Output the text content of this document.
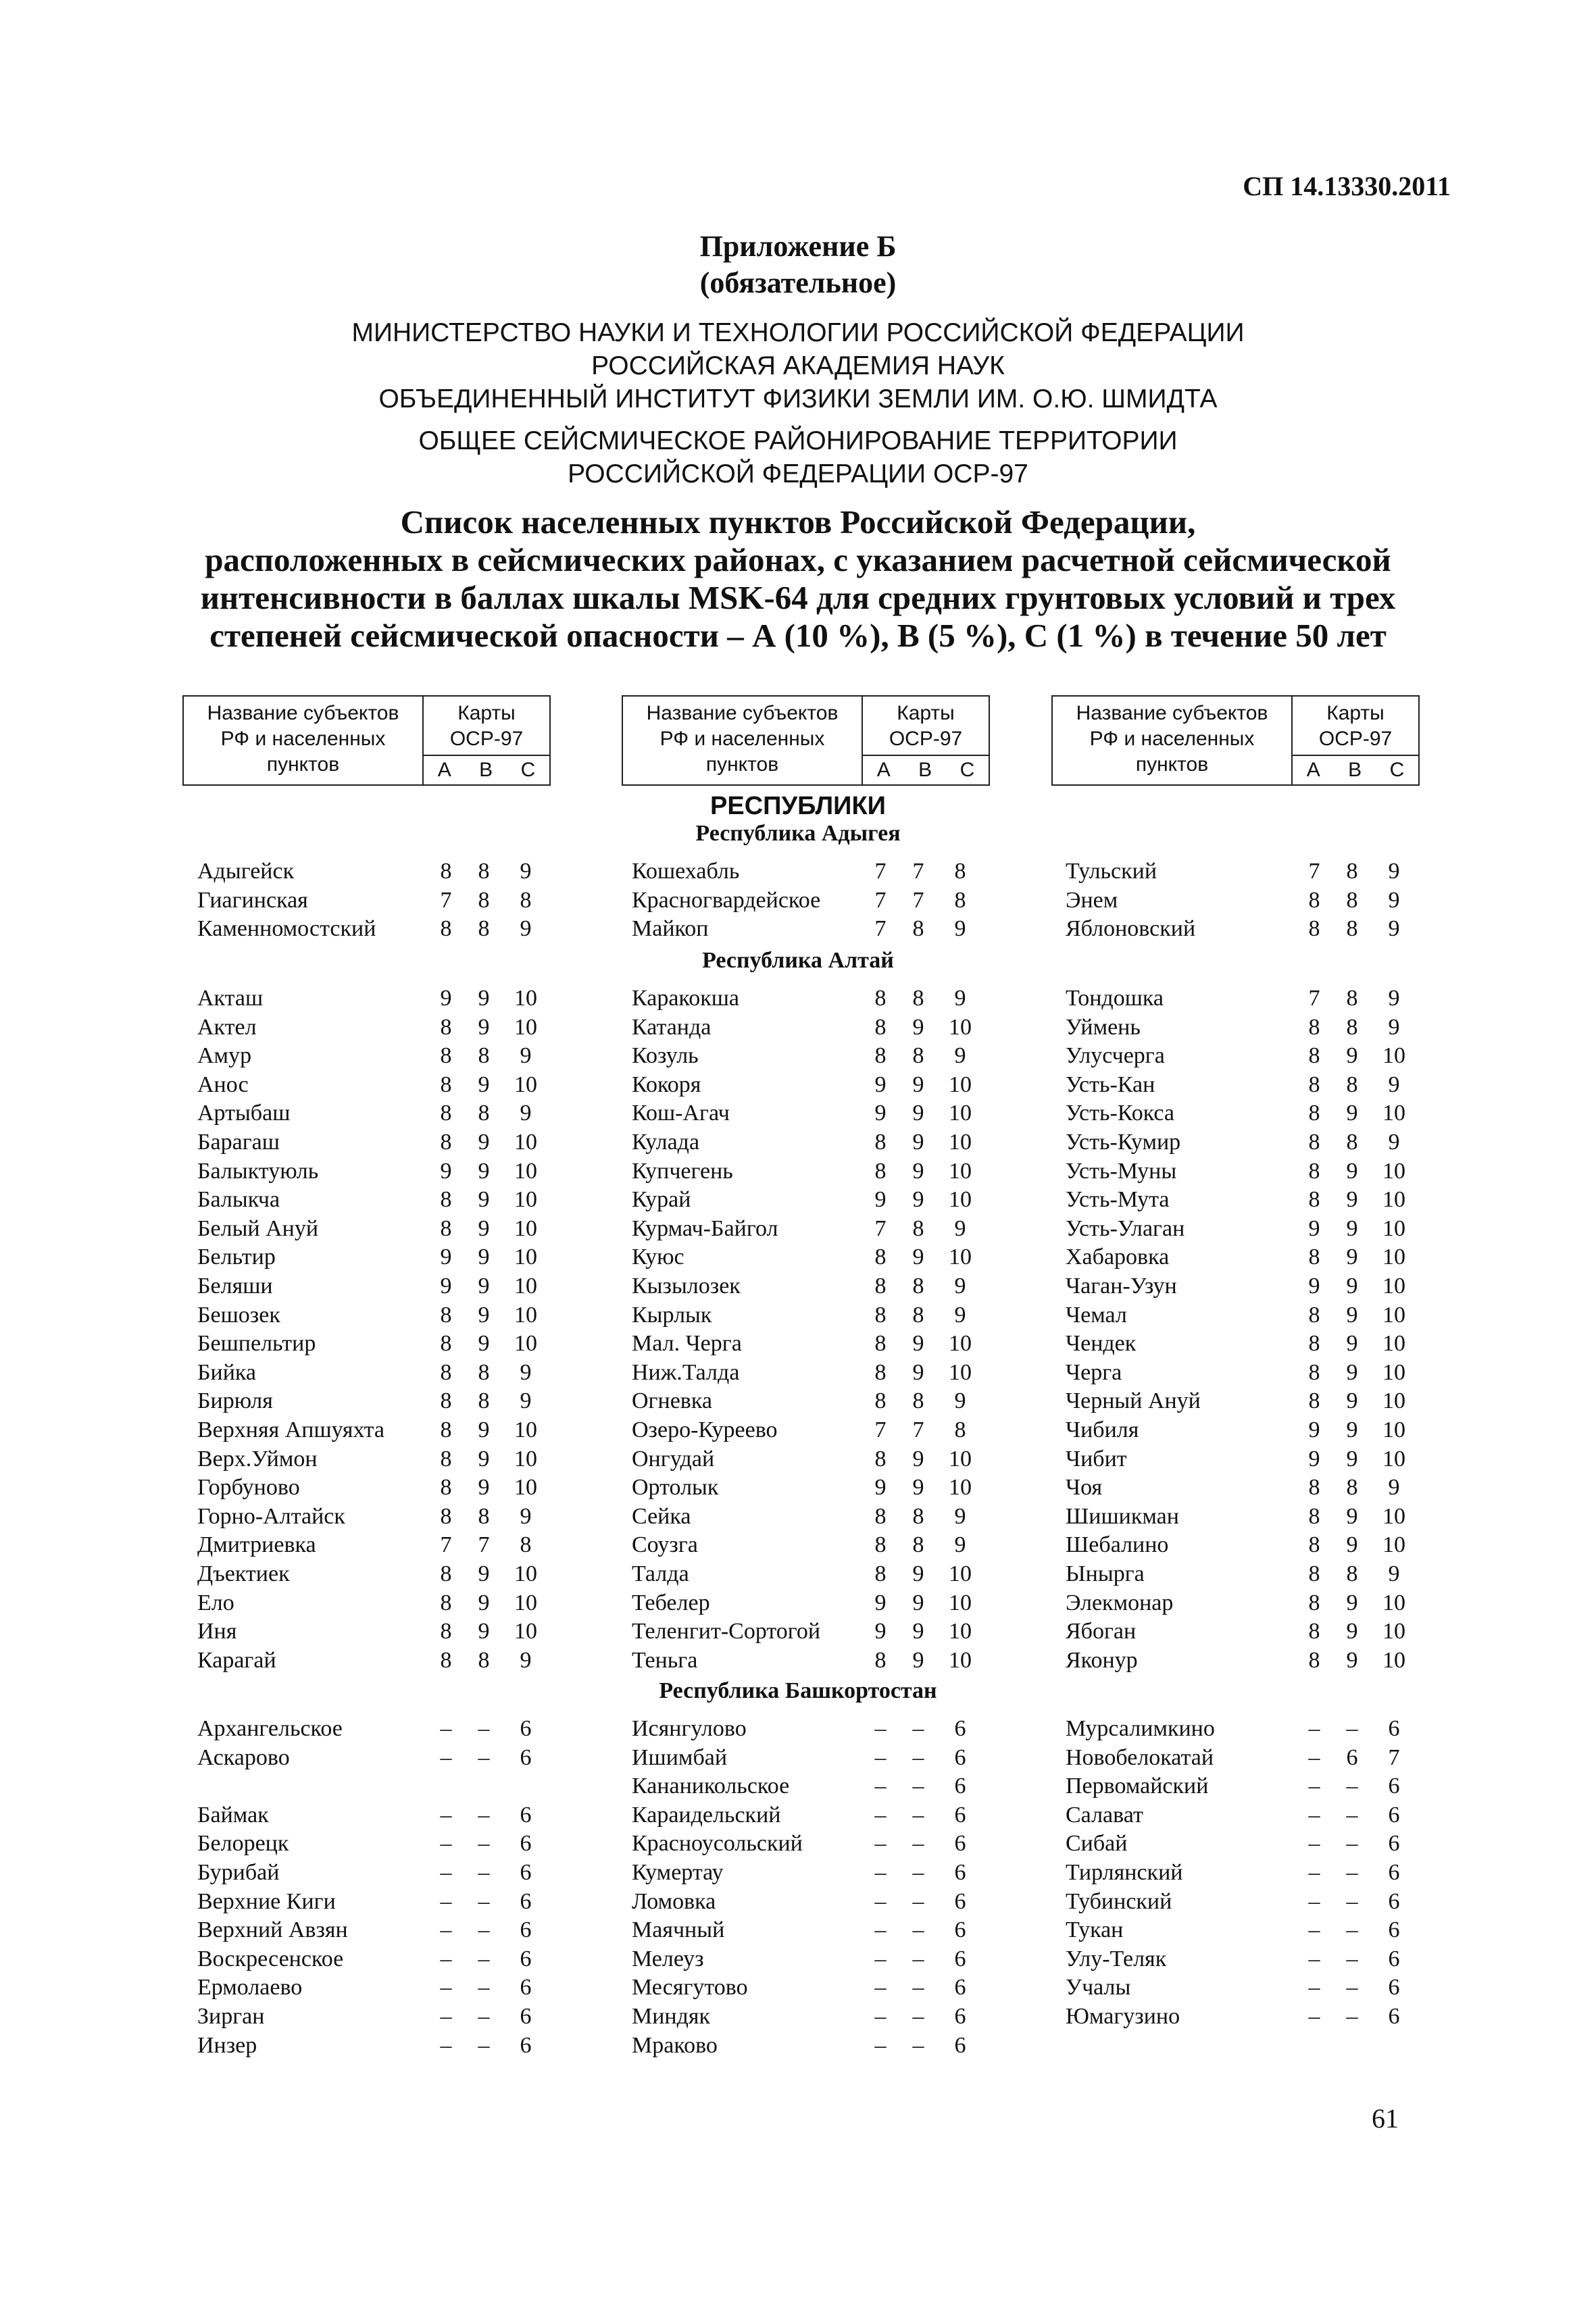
СП 14.13330.2011
Приложение Б
(обязательное)
МИНИСТЕРСТВО НАУКИ И ТЕХНОЛОГИИ РОССИЙСКОЙ ФЕДЕРАЦИИ
РОССИЙСКАЯ АКАДЕМИЯ НАУК
ОБЪЕДИНЕННЫЙ ИНСТИТУТ ФИЗИКИ ЗЕМЛИ ИМ. О.Ю. ШМИДТА
ОБЩЕЕ СЕЙСМИЧЕСКОЕ РАЙОНИРОВАНИЕ ТЕРРИТОРИИ
РОССИЙСКОЙ ФЕДЕРАЦИИ ОСР-97
Список населенных пунктов Российской Федерации,
расположенных в сейсмических районах, с указанием расчетной сейсмической
интенсивности в баллах шкалы MSK-64 для средних грунтовых условий и трех
степеней сейсмической опасности – А (10 %), В (5 %), С (1 %) в течение 50 лет
Название субъектов
РФ и населенных
пунктов
Карты
ОСР-97
А В С
Название субъектов
РФ и населенных
пунктов
Карты
ОСР-97
А В С
Название субъектов
РФ и населенных
пунктов
Карты
ОСР-97
А В С
РЕСПУБЛИКИ
Республика Адыгея
Адыгейск	8	8	9
Гиагинская	7	8	8
Каменномостский	8	8	9
Кошехабль	7	7	8
Красногвардейское	7	7	8
Майкоп	7	8	9
Тульский	7	8	9
Энем	8	8	9
Яблоновский	8	8	9
Республика Алтай
Акташ	9	9	10
Актел	8	9	10
Амур	8	8	9
Анос	8	9	10
Артыбаш	8	8	9
Барагаш	8	9	10
Балыктуюль	9	9	10
Балыкча	8	9	10
Белый Ануй	8	9	10
Бельтир	9	9	10
Беляши	9	9	10
Бешозек	8	9	10
Бешпельтир	8	9	10
Бийка	8	8	9
Бирюля	8	8	9
Верхняя Апшуяхта	8	9	10
Верх.Уймон	8	9	10
Горбуново	8	9	10
Горно-Алтайск	8	8	9
Дмитриевка	7	7	8
Дъектиек	8	9	10
Ело	8	9	10
Иня	8	9	10
Карагай	8	8	9
Каракокша	8	8	9
Катанда	8	9	10
Козуль	8	8	9
Кокоря	9	9	10
Кош-Агач	9	9	10
Кулада	8	9	10
Купчегень	8	9	10
Курай	9	9	10
Курмач-Байгол	7	8	9
Куюс	8	9	10
Кызылозек	8	8	9
Кырлык	8	8	9
Мал. Черга	8	9	10
Ниж.Талда	8	9	10
Огневка	8	8	9
Озеро-Куреево	7	7	8
Онгудай	8	9	10
Ортолык	9	9	10
Сейка	8	8	9
Соузга	8	8	9
Талда	8	9	10
Тебелер	9	9	10
Теленгит-Сортогой	9	9	10
Теньга	8	9	10
Тондошка	7	8	9
Уймень	8	8	9
Улусчерга	8	9	10
Усть-Кан	8	8	9
Усть-Кокса	8	9	10
Усть-Кумир	8	8	9
Усть-Муны	8	9	10
Усть-Мута	8	9	10
Усть-Улаган	9	9	10
Хабаровка	8	9	10
Чаган-Узун	9	9	10
Чемал	8	9	10
Чендек	8	9	10
Черга	8	9	10
Черный Ануй	8	9	10
Чибиля	9	9	10
Чибит	9	9	10
Чоя	8	8	9
Шишикман	8	9	10
Шебалино	8	9	10
Ынырга	8	8	9
Элекмонар	8	9	10
Ябоган	8	9	10
Яконур	8	9	10
Республика Башкортостан
Архангельское	–	–	6
Аскарово	–	–	6
Баймак	–	–	6
Белорецк	–	–	6
Бурибай	–	–	6
Верхние Киги	–	–	6
Верхний Авзян	–	–	6
Воскресенское	–	–	6
Ермолаево	–	–	6
Зирган	–	–	6
Инзер	–	–	6
Исянгулово	–	–	6
Ишимбай	–	–	6
Кананикольское	–	–	6
Караидельский	–	–	6
Красноусольский	–	–	6
Кумертау	–	–	6
Ломовка	–	–	6
Маячный	–	–	6
Мелеуз	–	–	6
Месягутово	–	–	6
Миндяк	–	–	6
Мраково	–	–	6
Мурсалимкино	–	–	6
Новобелокатай	–	6	7
Первомайский	–	–	6
Салават	–	–	6
Сибай	–	–	6
Тирлянский	–	–	6
Тубинский	–	–	6
Тукан	–	–	6
Улу-Теляк	–	–	6
Учалы	–	–	6
Юмагузино	–	–	6
61
